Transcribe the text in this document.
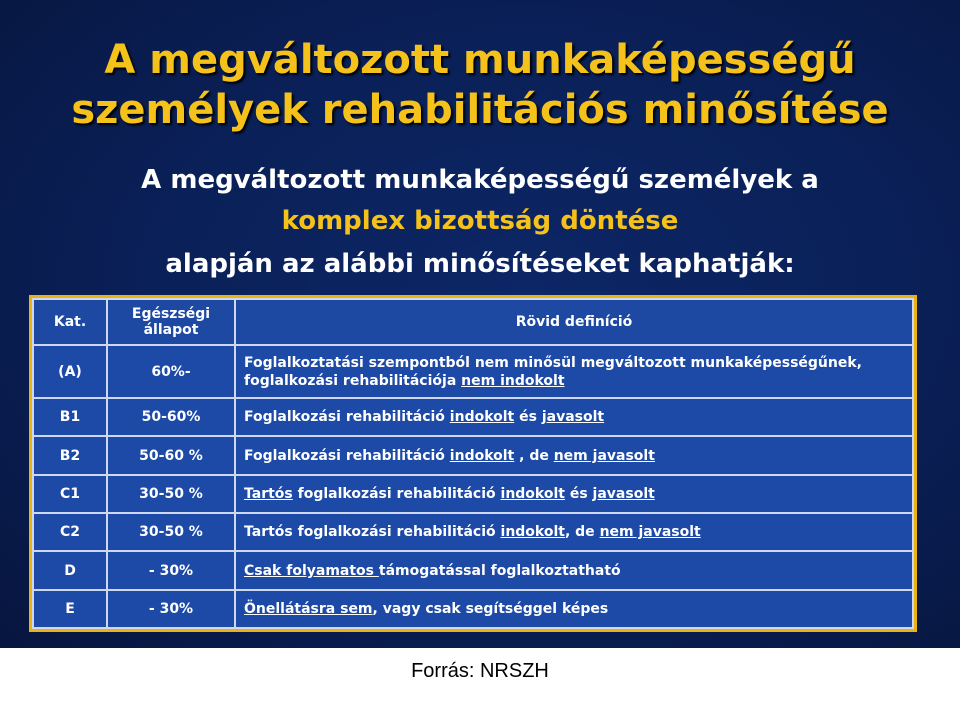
A megváltozott munkaképességű
személyek rehabilitációs minősítése
A megváltozott munkaképességű személyek a
komplex bizottság döntése
alapján az alábbi minősítéseket kaphatják:
Kat.	Egészségi állapot	Rövid definíció
(A)	60%-	Foglalkoztatási szempontból nem minősül megváltozott munkaképességűnek, foglalkozási rehabilitációja nem indokolt
B1	50-60%	Foglalkozási rehabilitáció indokolt és javasolt
B2	50-60 %	Foglalkozási rehabilitáció indokolt , de nem javasolt
C1	30-50 %	Tartós foglalkozási rehabilitáció indokolt és javasolt
C2	30-50 %	Tartós foglalkozási rehabilitáció indokolt, de nem javasolt
D	- 30%	Csak folyamatos támogatással foglalkoztatható
E	- 30%	Önellátásra sem, vagy csak segítséggel képes
Forrás: NRSZH
